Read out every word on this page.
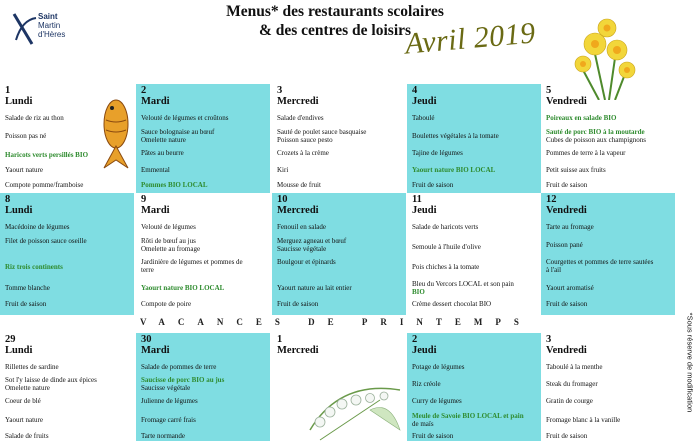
Saint
Martin
d'Hères
Menus* des restaurants scolaires
& des centres de loisirs
Avril 2019
1
Lundi
Salade de riz au thon
Poisson pas né
Haricots verts persillés BIO
Yaourt nature
Compote pomme/framboise
2
Mardi
Velouté de légumes et croûtons
Sauce bolognaise au bœuf
Omelette nature
Pâtes au beurre
Emmental
Pommes BIO LOCAL
3
Mercredi
Salade d'endives
Sauté de poulet sauce basquaise
Poisson sauce pesto
Crozets à la crème
Kiri
Mousse de fruit
4
Jeudi
Taboulé
Boulettes végétales à la tomate
Tajine de légumes
Yaourt nature BIO LOCAL
Fruit de saison
5
Vendredi
Poireaux en salade BIO
Sauté de porc BIO à la moutarde
Cubes de poisson aux champignons
Pommes de terre à la vapeur
Petit suisse aux fruits
Fruit de saison
8
Lundi
Macédoine de légumes
Filet de poisson sauce oseille
Riz trois continents
Tomme blanche
Fruit de saison
9
Mardi
Velouté de légumes
Rôti de bœuf au jus
Omelette au fromage
Jardinière de légumes et pommes de
terre
Yaourt nature BIO LOCAL
Compote de poire
10
Mercredi
Fenouil en salade
Merguez agneau et bœuf
Saucisse végétale
Boulgour et épinards
Yaourt nature au lait entier
Fruit de saison
11
Jeudi
Salade de haricots verts
Semoule à l'huile d'olive
Pois chiches à la tomate
Bleu du Vercors LOCAL et son pain
BIO
Crème dessert chocolat BIO
12
Vendredi
Tarte au fromage
Poisson pané
Courgettes et pommes de terre sautées
à l'ail
Yaourt aromatisé
Fruit de saison
VACANCES DE PRINTEMPS
29
Lundi
Rillettes de sardine
Sot l'y laisse de dinde aux épices
Omelette nature
Coeur de blé
Yaourt nature
Salade de fruits
30
Mardi
Salade de pommes de terre
Saucisse de porc BIO au jus
Saucisse végétale
Julienne de légumes
Fromage carré frais
Tarte normande
1
Mercredi
2
Jeudi
Potage de légumes
Riz créole
Curry de légumes
Meule de Savoie BIO LOCAL et pain
de maïs
Fruit de saison
3
Vendredi
Taboulé à la menthe
Steak du fromager
Gratin de courge
Fromage blanc à la vanille
Fruit de saison
*Sous réserve de modification
